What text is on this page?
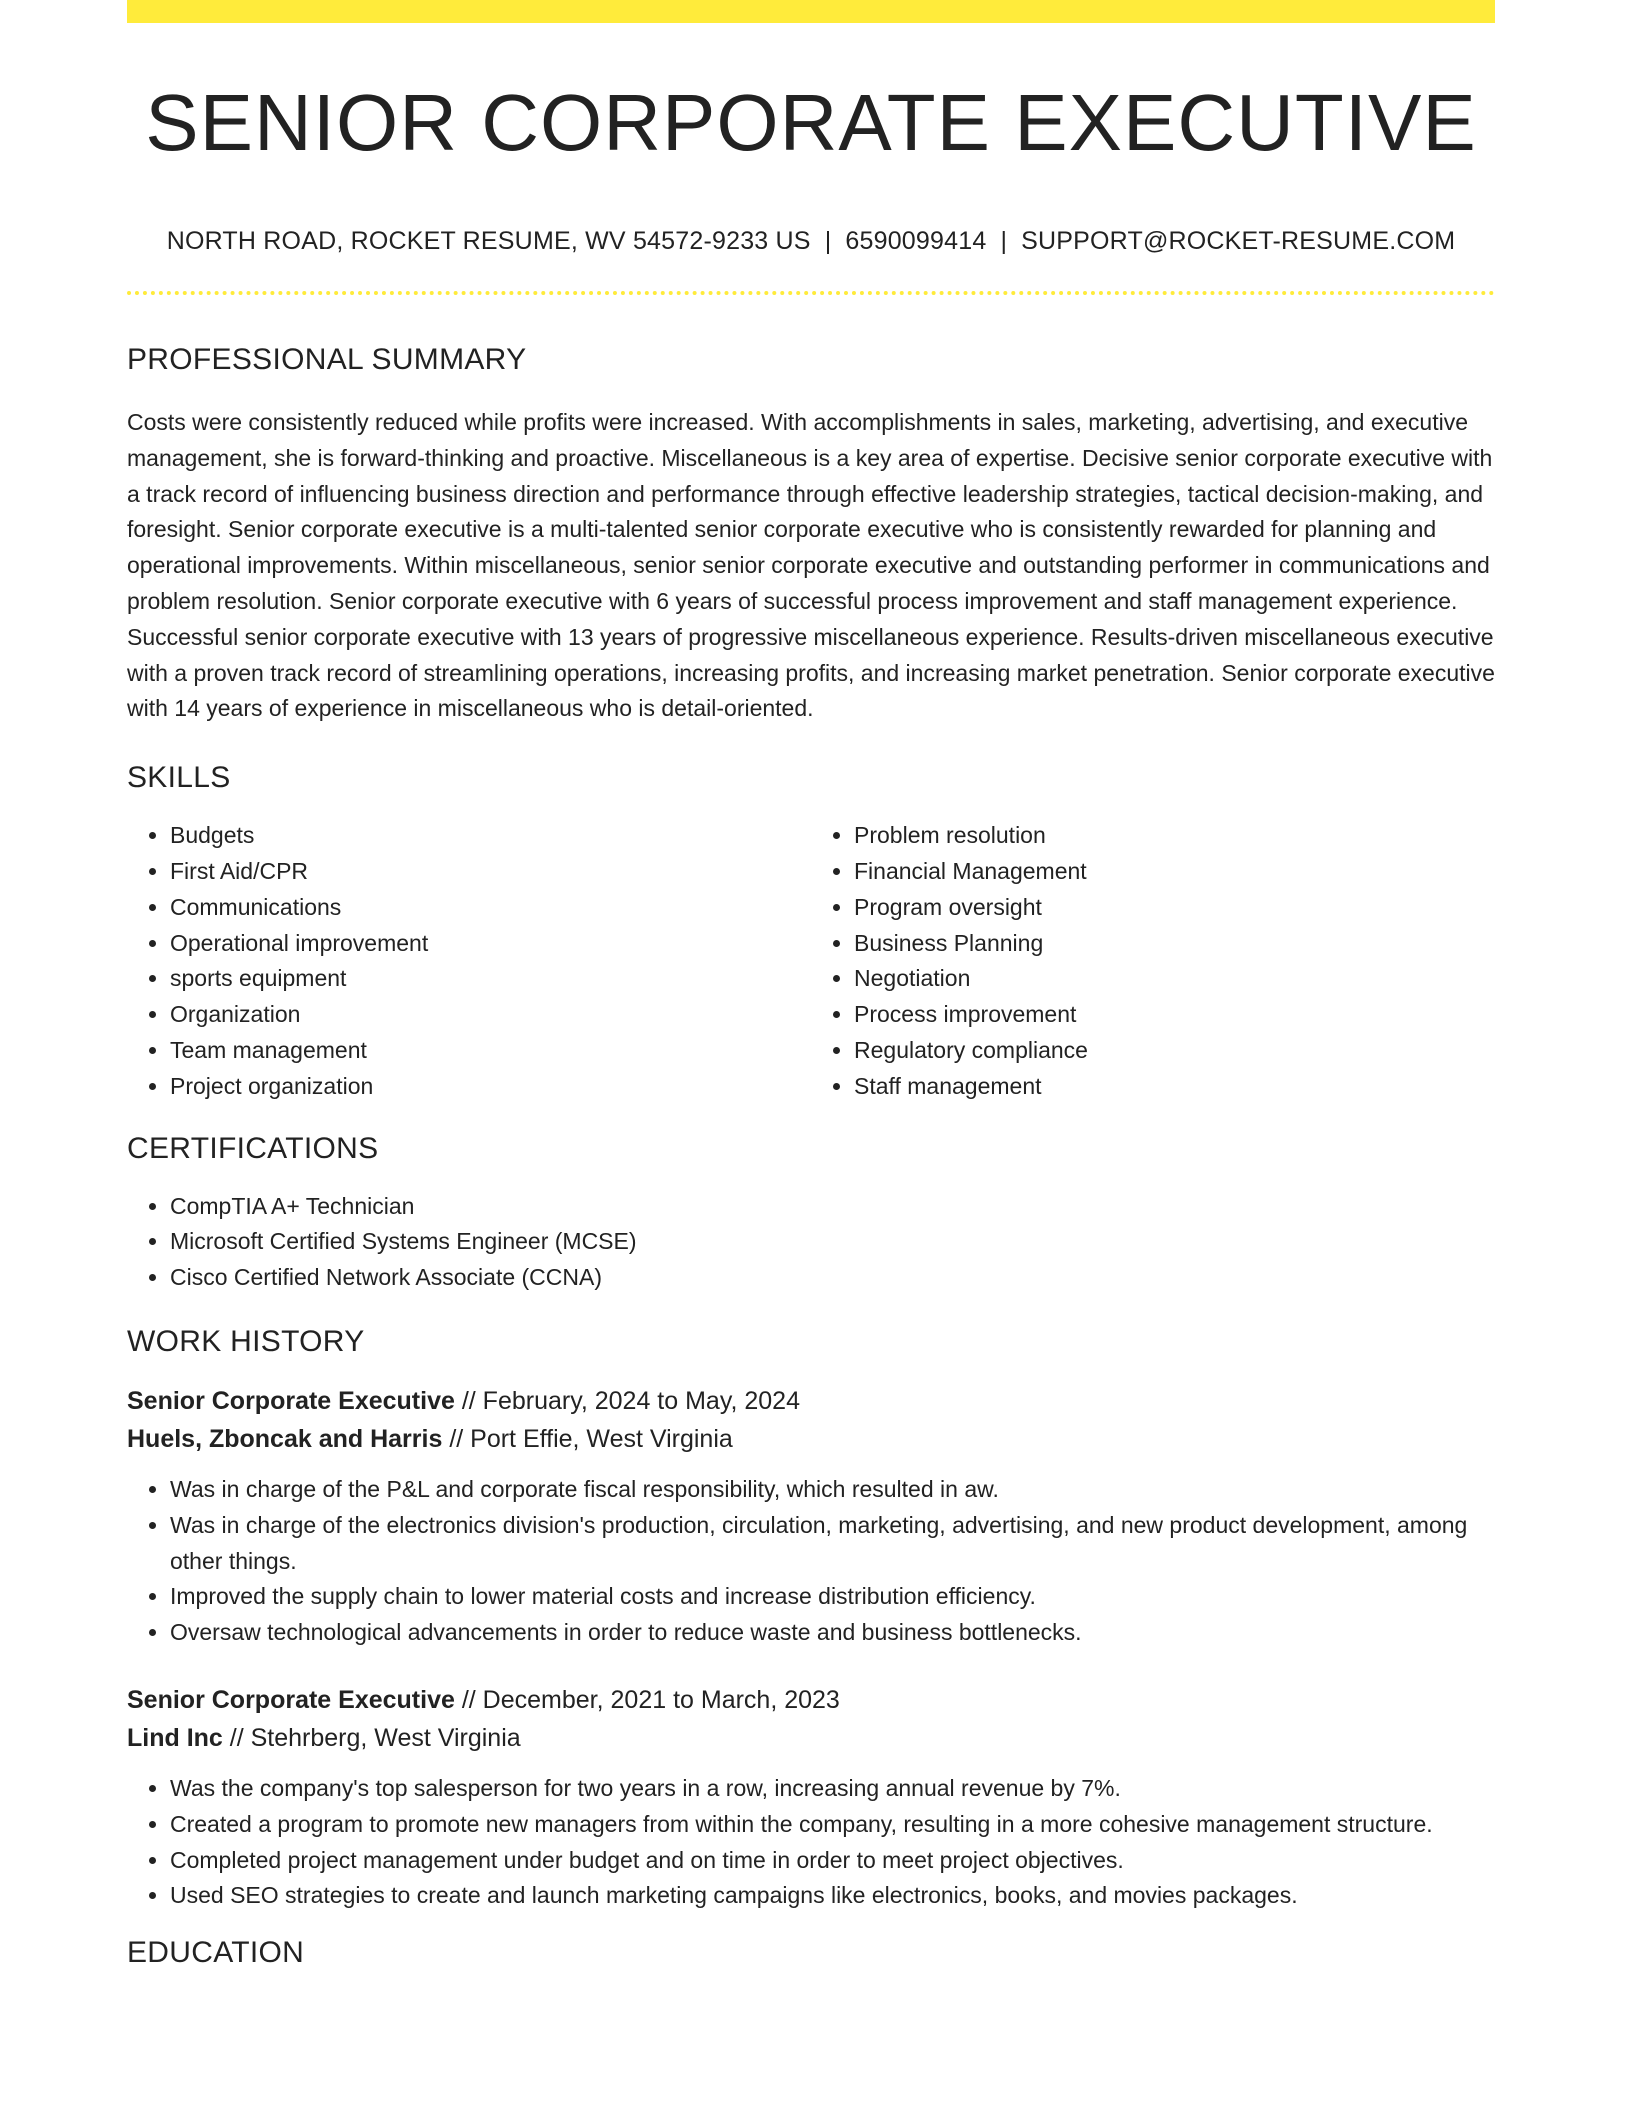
SENIOR CORPORATE EXECUTIVE
NORTH ROAD, ROCKET RESUME, WV 54572-9233 US | 6590099414 | SUPPORT@ROCKET-RESUME.COM
PROFESSIONAL SUMMARY

Costs were consistently reduced while profits were increased. With accomplishments in sales, marketing, advertising, and executive management, she is forward-thinking and proactive. Miscellaneous is a key area of expertise. Decisive senior corporate executive with a track record of influencing business direction and performance through effective leadership strategies, tactical decision-making, and foresight. Senior corporate executive is a multi-talented senior corporate executive who is consistently rewarded for planning and operational improvements. Within miscellaneous, senior senior corporate executive and outstanding performer in communications and problem resolution. Senior corporate executive with 6 years of successful process improvement and staff management experience. Successful senior corporate executive with 13 years of progressive miscellaneous experience. Results-driven miscellaneous executive with a proven track record of streamlining operations, increasing profits, and increasing market penetration. Senior corporate executive with 14 years of experience in miscellaneous who is detail-oriented.

SKILLS
• Budgets
• First Aid/CPR
• Communications
• Operational improvement
• sports equipment
• Organization
• Team management
• Project organization
• Problem resolution
• Financial Management
• Program oversight
• Business Planning
• Negotiation
• Process improvement
• Regulatory compliance
• Staff management
CERTIFICATIONS
• CompTIA A+ Technician
• Microsoft Certified Systems Engineer (MCSE)
• Cisco Certified Network Associate (CCNA)
WORK HISTORY

Senior Corporate Executive // February, 2024 to May, 2024

Huels, Zboncak and Harris // Port Effie, West Virginia

• Was in charge of the P&L and corporate fiscal responsibility, which resulted in aw.
• Was in charge of the electronics division's production, circulation, marketing, advertising, and new product development, among other things.
• Improved the supply chain to lower material costs and increase distribution efficiency.
• Oversaw technological advancements in order to reduce waste and business bottlenecks.

Senior Corporate Executive // December, 2021 to March, 2023

Lind Inc // Stehrberg, West Virginia

• Was the company's top salesperson for two years in a row, increasing annual revenue by 7%.
• Created a program to promote new managers from within the company, resulting in a more cohesive management structure.
• Completed project management under budget and on time in order to meet project objectives.
• Used SEO strategies to create and launch marketing campaigns like electronics, books, and movies packages.
EDUCATION
